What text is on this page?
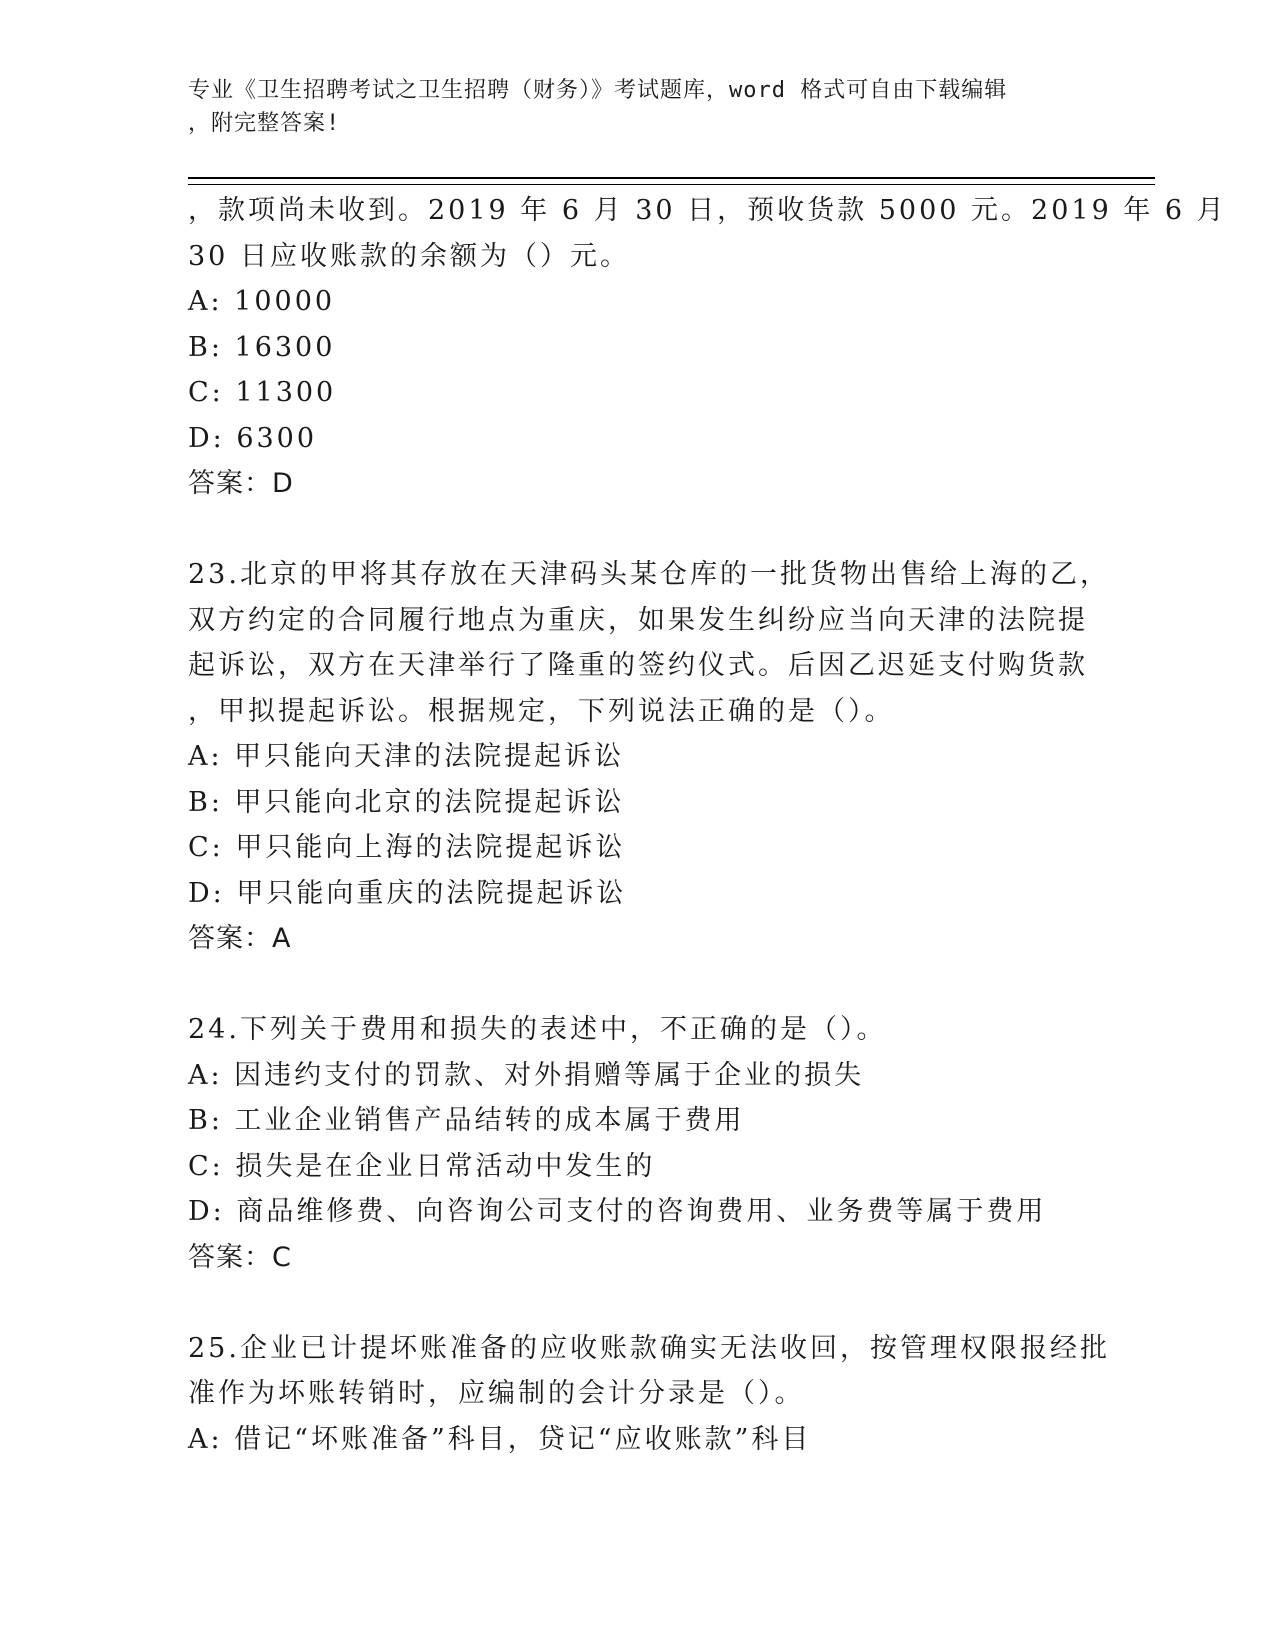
专业《卫生招聘考试之卫生招聘（财务）》考试题库，word 格式可自由下载编辑
，附完整答案!
，款项尚未收到。2019 年 6 月 30 日，预收货款 5000 元。2019 年 6 月
30 日应收账款的余额为（）元。
A: 10000
B: 16300
C: 11300
D: 6300
答案：D
23.北京的甲将其存放在天津码头某仓库的一批货物出售给上海的乙，
双方约定的合同履行地点为重庆，如果发生纠纷应当向天津的法院提
起诉讼，双方在天津举行了隆重的签约仪式。后因乙迟延支付购货款
，甲拟提起诉讼。根据规定，下列说法正确的是（）。
A: 甲只能向天津的法院提起诉讼
B: 甲只能向北京的法院提起诉讼
C: 甲只能向上海的法院提起诉讼
D: 甲只能向重庆的法院提起诉讼
答案：A
24.下列关于费用和损失的表述中，不正确的是（）。
A: 因违约支付的罚款、对外捐赠等属于企业的损失
B: 工业企业销售产品结转的成本属于费用
C: 损失是在企业日常活动中发生的
D: 商品维修费、向咨询公司支付的咨询费用、业务费等属于费用
答案：C
25.企业已计提坏账准备的应收账款确实无法收回，按管理权限报经批
准作为坏账转销时，应编制的会计分录是（）。
A: 借记“坏账准备”科目，贷记“应收账款”科目
